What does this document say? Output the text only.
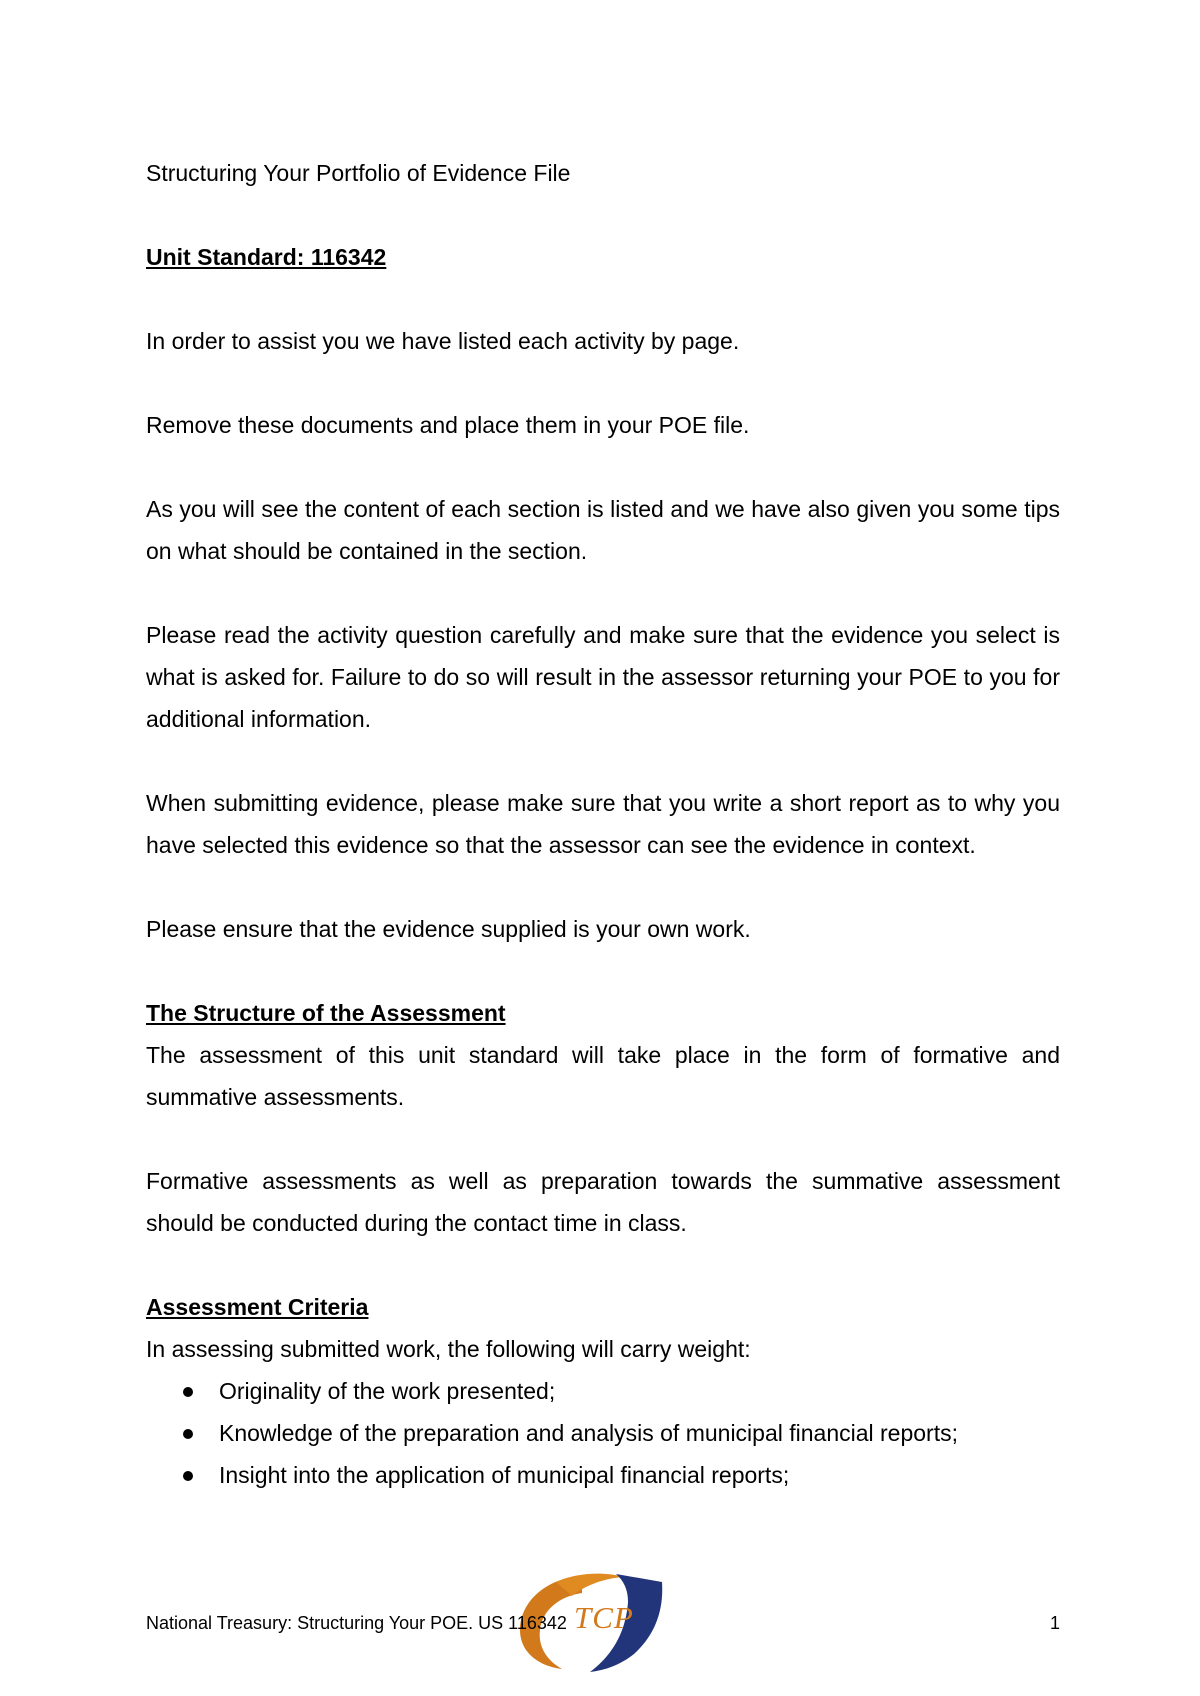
Structuring Your Portfolio of Evidence File

Unit Standard: 116342

In order to assist you we have listed each activity by page.

Remove these documents and place them in your POE file.

As you will see the content of each section is listed and we have also given you some tips on what should be contained in the section.

Please read the activity question carefully and make sure that the evidence you select is what is asked for. Failure to do so will result in the assessor returning your POE to you for additional information.

When submitting evidence, please make sure that you write a short report as to why you have selected this evidence so that the assessor can see the evidence in context.

Please ensure that the evidence supplied is your own work.

The Structure of the Assessment

The assessment of this unit standard will take place in the form of formative and summative assessments.

Formative assessments as well as preparation towards the summative assessment should be conducted during the contact time in class.

Assessment Criteria

In assessing submitted work, the following will carry weight:

Originality of the work presented;
Knowledge of the preparation and analysis of municipal financial reports;
Insight into the application of municipal financial reports;
TCP
National Treasury: Structuring Your POE. US 116342	1
